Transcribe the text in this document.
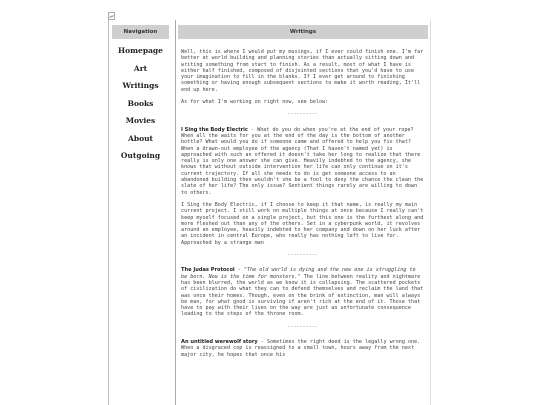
Navigation
Homepage
Art
Writings
Books
Movies
About
Outgoing
Writings

Well, this is where I would put my musings, if I ever could finish one. I'm far better at world building and planning stories than actually sitting down and writing something from start to finish. As a result, most of what I have is either half finished, composed of disjointed sections that you'd have to use your imagination to fill in the blanks. If I ever get around to finishing something or having enough subsequent sections to make it worth reading, It'll end up here.

As for what I'm working on right now, see below:

----------

I Sing the Body Electric - What do you do when you're at the end of your rope? When all the waits for you at the end of the day is the bottom of another bottle? What would you do if someone came and offered to help you fix that? When a drawn-out employee of the agency (That I haven't named yet) is approached with such an offered it doesn't take her long to realize that there really is only one answer she can give. Heavily indebted to the agency, she knows that without outside intervention her life can only continue on it's current trajectory. If all she needs to do is get someone access to an abandoned building then wouldn't she be a fool to deny the chance the clean the slate of her life? The only issue? Sentient things rarely are willing to down to others.

I Sing the Body Electric, if I choose to keep it that name, is really my main current project. I still work on multiple things at once because I really can't keep myself focused on a single project, but this one is the furthest along and more fleshed out than any of the others. Set in a cyberpunk world, it revolves around an employee, heavily indebted to her company and down on her luck after an incident in central Europe, who really has nothing left to live for. Approached by a strange man

----------

The Judas Protocol - "The old world is dying and the new one is struggling to be born. Now is the time for monsters." The line between reality and nightmare has been blurred, the world as we know it is collapsing. The scattered pockets of civilization do what they can to defend themselves and reclaim the land that was once their homes. Though, even on the brink of extinction, man will always be man, for what good is surviving if aren't rich at the end of it. Those that have to pay with their lives on the way are just an unfortunate consequence leading to the steps of the throne room.

----------

An untitled werewolf story - Sometimes the right deed is the legally wrong one. When a disgraced cop is reassigned to a small town, hours away from the next major city, he hopes that once his
